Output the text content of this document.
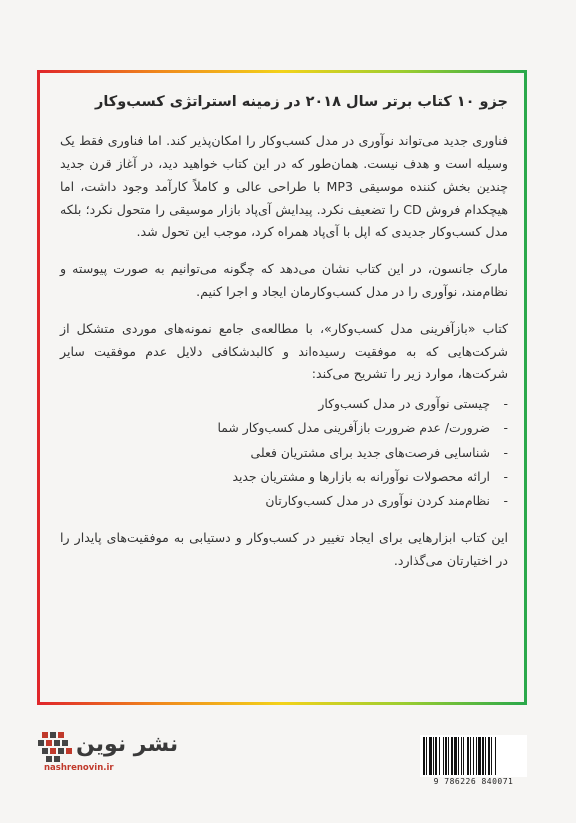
جزو ۱۰ کتاب برتر سال ۲۰۱۸ در زمینه استراتژی کسب‌وکار

فناوری جدید می‌تواند نوآوری در مدل کسب‌وکار را امکان‌پذیر کند. اما فناوری فقط یک وسیله است و هدف نیست. همان‌طور که در این کتاب خواهید دید، در آغاز قرن جدید چندین بخش کننده موسیقی MP3 با طراحی عالی و کاملاً کارآمد وجود داشت، اما هیچکدام فروش CD را تضعیف نکرد. پیدایش آی‌پاد بازار موسیقی را متحول نکرد؛ بلکه مدل کسب‌وکار جدیدی که اپل با آی‌پاد همراه کرد، موجب این تحول شد.

مارک جانسون، در این کتاب نشان می‌دهد که چگونه می‌توانیم به صورت پیوسته و نظام‌مند، نوآوری را در مدل کسب‌وکارمان ایجاد و اجرا کنیم.

کتاب «بازآفرینی مدل کسب‌وکار»، با مطالعه‌ی جامع نمونه‌های موردی متشکل از شرکت‌هایی که به موفقیت رسیده‌اند و کالبدشکافی دلایل عدم موفقیت سایر شرکت‌ها، موارد زیر را تشریح می‌کند:

-
چیستی نوآوری در مدل کسب‌وکار
-
ضرورت/ عدم ضرورت بازآفرینی مدل کسب‌وکار شما
-
شناسایی فرصت‌های جدید برای مشتریان فعلی
-
ارائه محصولات نوآورانه به بازارها و مشتریان جدید
-
نظام‌مند کردن نوآوری در مدل کسب‌وکارتان

این کتاب ابزارهایی برای ایجاد تغییر در کسب‌وکار و دستیابی به موفقیت‌های پایدار را در اختیارتان می‌گذارد.

نشر نوین
nashrenovin.ir
9 786226 840071
